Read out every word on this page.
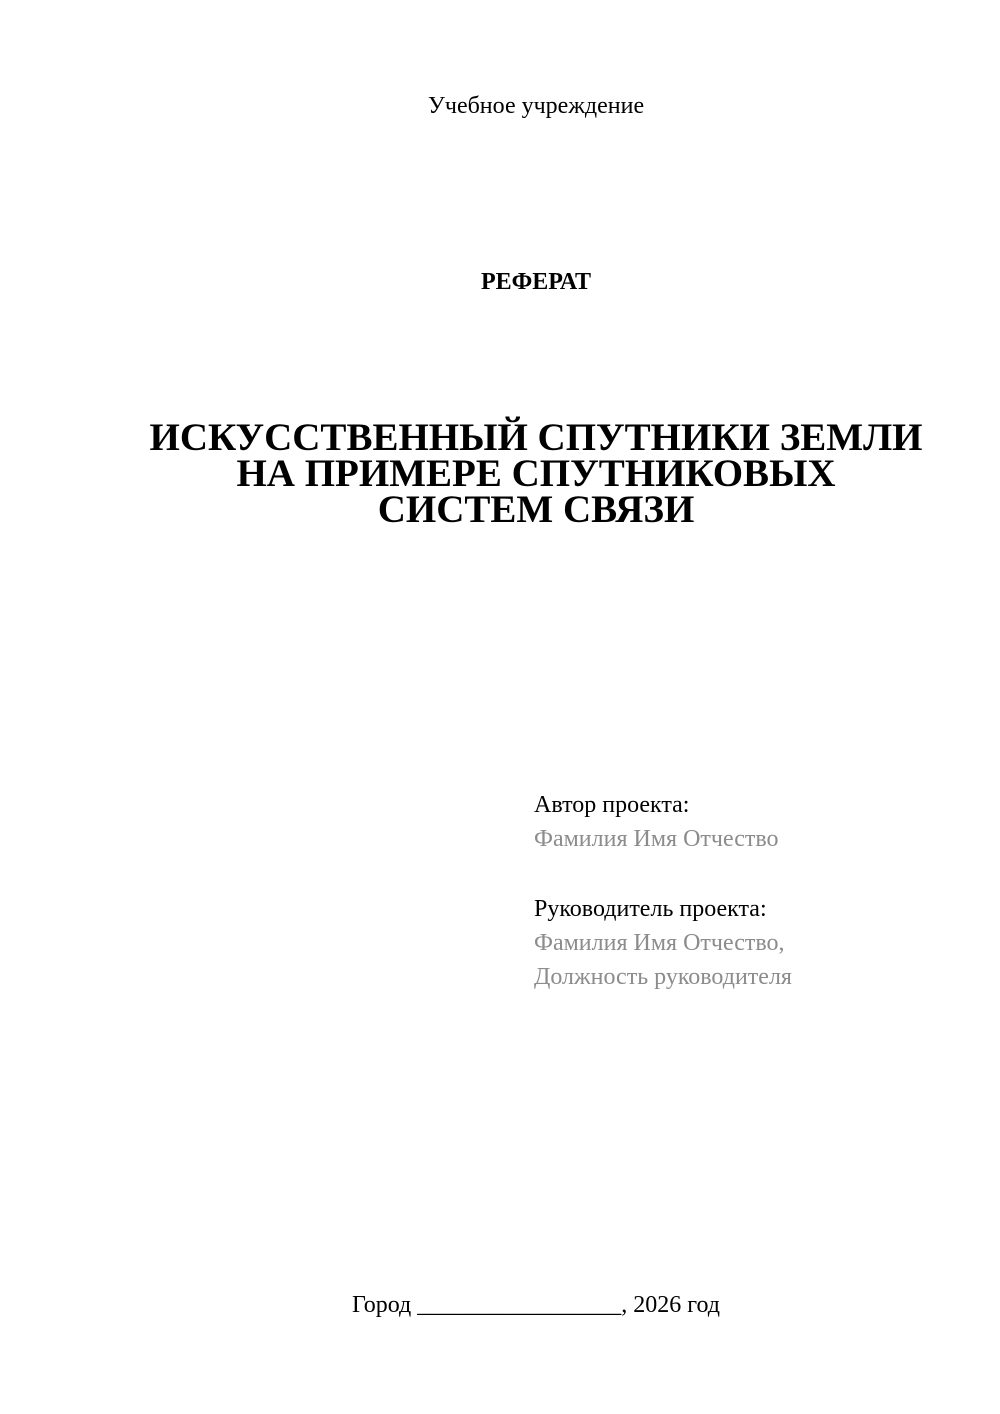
Учебное учреждение
РЕФЕРАТ
ИСКУССТВЕННЫЙ СПУТНИКИ ЗЕМЛИ
НА ПРИМЕРЕ СПУТНИКОВЫХ
СИСТЕМ СВЯЗИ
Автор проекта:
Фамилия Имя Отчество
Руководитель проекта:
Фамилия Имя Отчество,
Должность руководителя
Город _________________, 2026 год
